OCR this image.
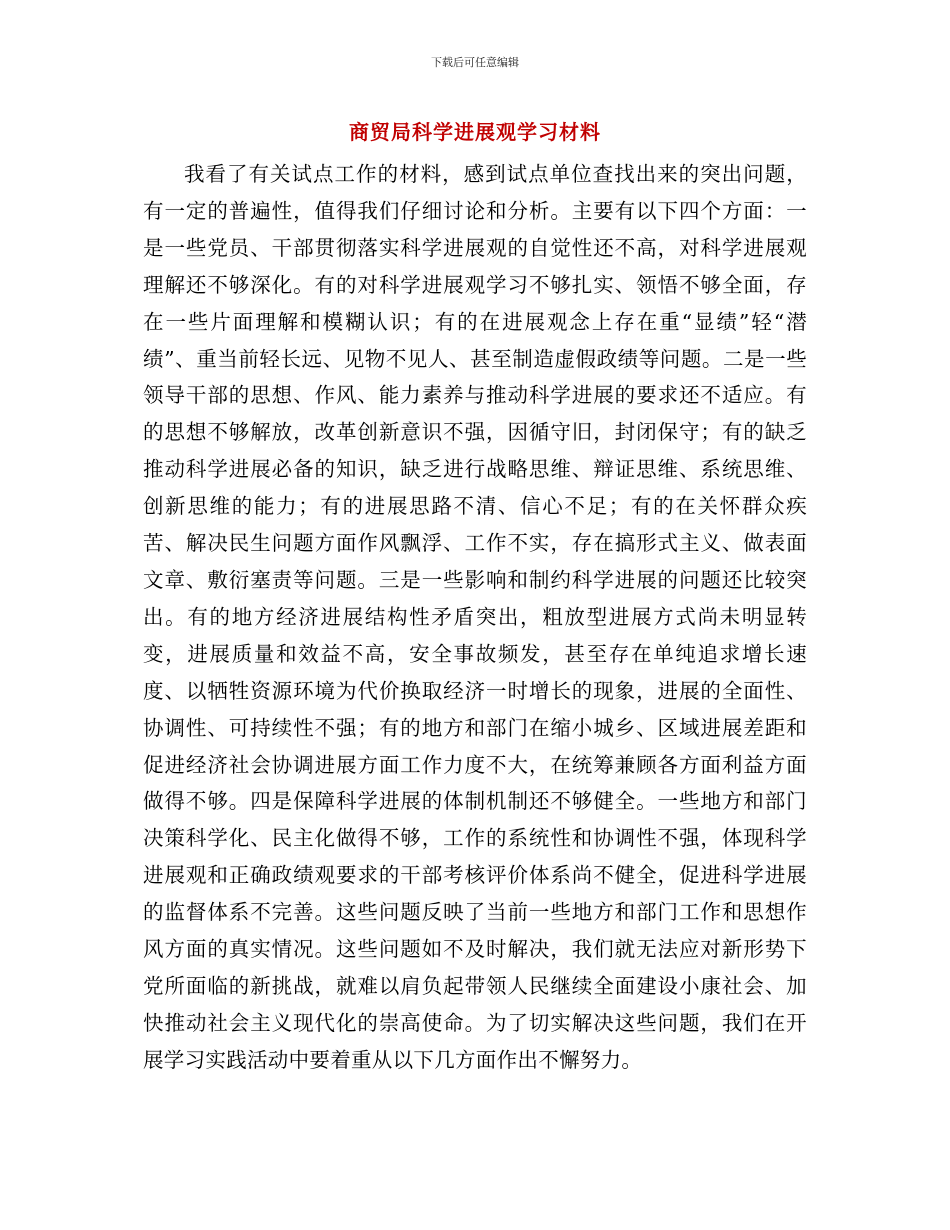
下载后可任意编辑
商贸局科学进展观学习材料

我看了有关试点工作的材料，感到试点单位查找出来的突出问题，有一定的普遍性，值得我们仔细讨论和分析。主要有以下四个方面：一是一些党员、干部贯彻落实科学进展观的自觉性还不高，对科学进展观理解还不够深化。有的对科学进展观学习不够扎实、领悟不够全面，存在一些片面理解和模糊认识；有的在进展观念上存在重“显绩”轻“潜绩”、重当前轻长远、见物不见人、甚至制造虚假政绩等问题。二是一些领导干部的思想、作风、能力素养与推动科学进展的要求还不适应。有的思想不够解放，改革创新意识不强，因循守旧，封闭保守；有的缺乏推动科学进展必备的知识，缺乏进行战略思维、辩证思维、系统思维、创新思维的能力；有的进展思路不清、信心不足；有的在关怀群众疾苦、解决民生问题方面作风飘浮、工作不实，存在搞形式主义、做表面文章、敷衍塞责等问题。三是一些影响和制约科学进展的问题还比较突出。有的地方经济进展结构性矛盾突出，粗放型进展方式尚未明显转变，进展质量和效益不高，安全事故频发，甚至存在单纯追求增长速度、以牺牲资源环境为代价换取经济一时增长的现象，进展的全面性、协调性、可持续性不强；有的地方和部门在缩小城乡、区域进展差距和促进经济社会协调进展方面工作力度不大，在统筹兼顾各方面利益方面做得不够。四是保障科学进展的体制机制还不够健全。一些地方和部门决策科学化、民主化做得不够，工作的系统性和协调性不强，体现科学进展观和正确政绩观要求的干部考核评价体系尚不健全，促进科学进展的监督体系不完善。这些问题反映了当前一些地方和部门工作和思想作风方面的真实情况。这些问题如不及时解决，我们就无法应对新形势下党所面临的新挑战，就难以肩负起带领人民继续全面建设小康社会、加快推动社会主义现代化的崇高使命。为了切实解决这些问题，我们在开展学习实践活动中要着重从以下几方面作出不懈努力。
